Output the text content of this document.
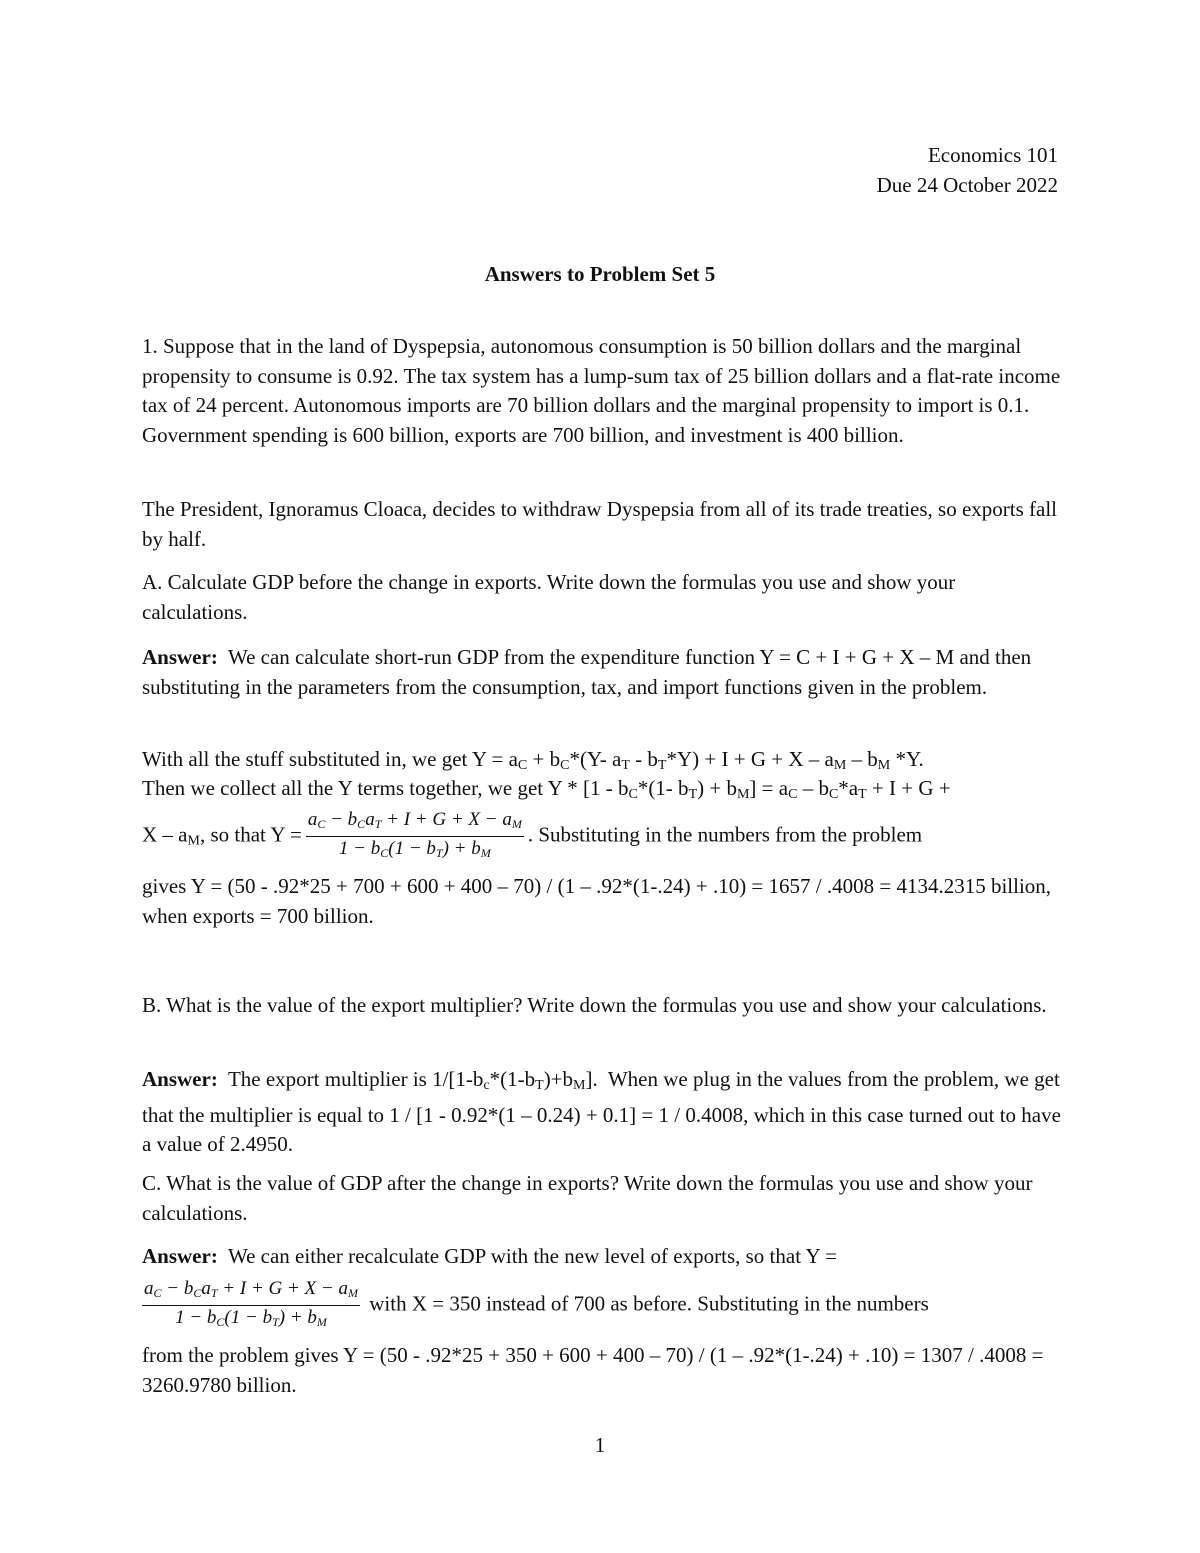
Economics 101
Due 24 October 2022
Answers to Problem Set 5
1. Suppose that in the land of Dyspepsia, autonomous consumption is 50 billion dollars and the marginal propensity to consume is 0.92. The tax system has a lump-sum tax of 25 billion dollars and a flat-rate income tax of 24 percent. Autonomous imports are 70 billion dollars and the marginal propensity to import is 0.1. Government spending is 600 billion, exports are 700 billion, and investment is 400 billion.
The President, Ignoramus Cloaca, decides to withdraw Dyspepsia from all of its trade treaties, so exports fall by half.
A. Calculate GDP before the change in exports. Write down the formulas you use and show your calculations.
Answer: We can calculate short-run GDP from the expenditure function Y = C + I + G + X – M and then substituting in the parameters from the consumption, tax, and import functions given in the problem.
With all the stuff substituted in, we get $Y = a_C + b_C*(Y-$ $a_T - b_T*Y) + I + G + X - a_M - b_M$ *Y.
Then we collect all the Y terms together, we get Y * [$1 - b_C*(1-$ $b_T) + b_M] = a_C - b_C*a_T + I + G$ +
X – $a_M$, so that $Y = \frac{\text{aC − bCaT + I + G + X − aM}}{1 - bC(1 - bT) + bM}$ . Substituting in the numbers from the problem
gives Y = (50 - .92*25 + 700 + 600 + 400 – 70) / (1 – .92*(1-.24) + .10) = 1657 / .4008 = 4134.2315 billion, when exports = 700 billion.
B. What is the value of the export multiplier? Write down the formulas you use and show your calculations.
Answer:  The export multiplier is $1/[1-b_c*(1-b_T)+b_M]$.  When we plug in the values from the problem, we get that the multiplier is equal to 1 / [1 - 0.92*(1 – 0.24) + 0.1] = 1 / 0.4008, which in this case turned out to have a value of 2.4950.
C. What is the value of GDP after the change in exports? Write down the formulas you use and show your calculations.
Answer: We can either recalculate GDP with the new level of exports, so that Y =
$\frac{\text{aC − bCaT + I + G + X − aM}}{1 - bC(1 - bT) + bM}$ with X = 350 instead of 700 as before. Substituting in the numbers
from the problem gives Y = (50 - .92*25 + 350 + 600 + 400 – 70) / (1 – .92*(1-.24) + .10) = 1307 / .4008 = 3260.9780 billion.
1
